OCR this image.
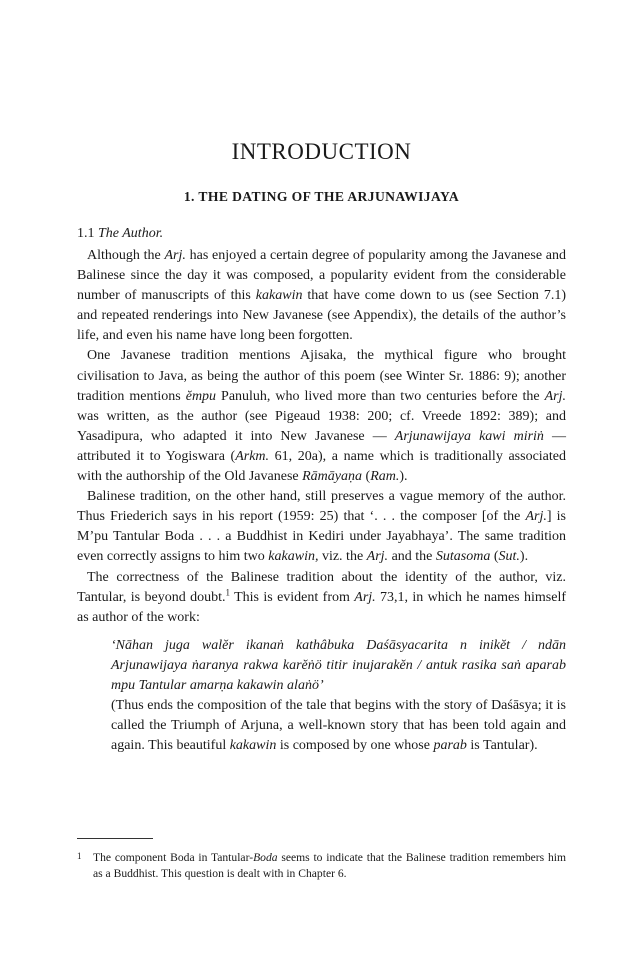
INTRODUCTION
1. THE DATING OF THE ARJUNAWIJAYA
1.1 The Author.

Although the Arj. has enjoyed a certain degree of popularity among the Javanese and Balinese since the day it was composed, a popularity evident from the considerable number of manuscripts of this kakawin that have come down to us (see Section 7.1) and repeated renderings into New Javanese (see Appendix), the details of the author’s life, and even his name have long been forgotten.

One Javanese tradition mentions Ajisaka, the mythical figure who brought civilisation to Java, as being the author of this poem (see Winter Sr. 1886: 9); another tradition mentions ĕmpu Panuluh, who lived more than two centuries before the Arj. was written, as the author (see Pigeaud 1938: 200; cf. Vreede 1892: 389); and Yasadipura, who adapted it into New Javanese — Arjunawijaya kawi miriṅ — attributed it to Yogiswara (Arkm. 61, 20a), a name which is traditionally associated with the authorship of the Old Javanese Rāmāyaṇa (Ram.).

Balinese tradition, on the other hand, still preserves a vague memory of the author. Thus Friederich says in his report (1959: 25) that ‘. . . the composer [of the Arj.] is M’pu Tantular Boda . . . a Buddhist in Kediri under Jayabhaya’. The same tradition even correctly assigns to him two kakawin, viz. the Arj. and the Sutasoma (Sut.).

The correctness of the Balinese tradition about the identity of the author, viz. Tantular, is beyond doubt.$^1$ This is evident from Arj. 73,1, in which he names himself as author of the work:

‘Nāhan juga walĕr ikanaṅ kathâbuka Daśāsyacarita n inikĕt / ndān Arjunawijaya ṅaranya rakwa karĕṅö titir inujarakĕn / antuk rasika saṅ aparab mpu Tantular amarṇa kakawin alaṅö’

(Thus ends the composition of the tale that begins with the story of Daśāsya; it is called the Triumph of Arjuna, a well-known story that has been told again and again. This beautiful kakawin is composed by one whose parab is Tantular).

1 The component Boda in Tantular-Boda seems to indicate that the Balinese tradition remembers him as a Buddhist. This question is dealt with in Chapter 6.
